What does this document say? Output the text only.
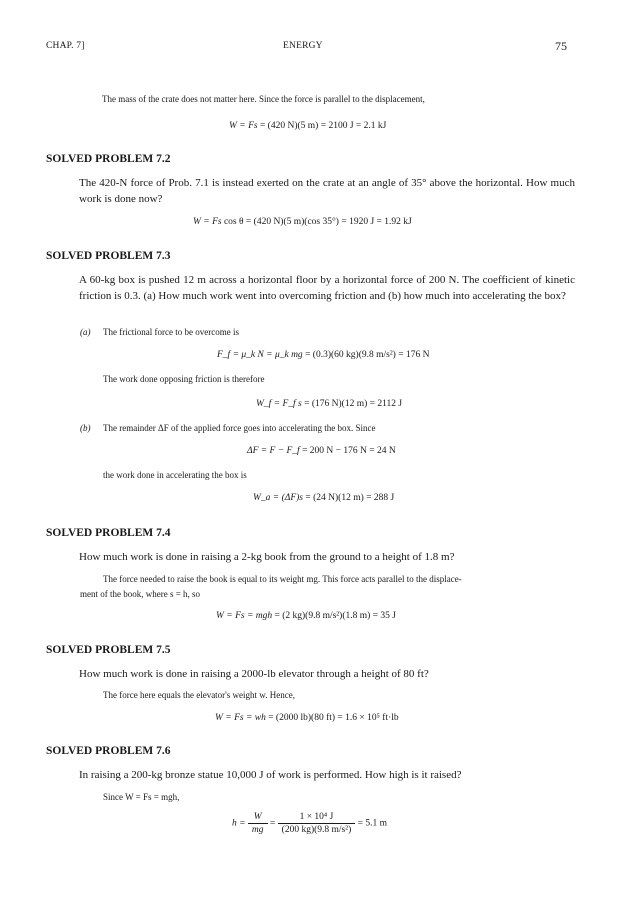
CHAP. 7]	ENERGY	75
The mass of the crate does not matter here. Since the force is parallel to the displacement,
W = Fs = (420 N)(5 m) = 2100 J = 2.1 kJ
SOLVED PROBLEM 7.2
The 420-N force of Prob. 7.1 is instead exerted on the crate at an angle of 35° above the horizontal. How much work is done now?
W = Fs cos θ = (420 N)(5 m)(cos 35°) = 1920 J = 1.92 kJ
SOLVED PROBLEM 7.3
A 60-kg box is pushed 12 m across a horizontal floor by a horizontal force of 200 N. The coefficient of kinetic friction is 0.3. (a) How much work went into overcoming friction and (b) how much into accelerating the box?
(a) The frictional force to be overcome is
F_f = μ_k N = μ_k mg = (0.3)(60 kg)(9.8 m/s²) = 176 N
The work done opposing friction is therefore
W_f = F_f s = (176 N)(12 m) = 2112 J
(b) The remainder ΔF of the applied force goes into accelerating the box. Since
ΔF = F − F_f = 200 N − 176 N = 24 N
the work done in accelerating the box is
W_a = (ΔF)s = (24 N)(12 m) = 288 J
SOLVED PROBLEM 7.4
How much work is done in raising a 2-kg book from the ground to a height of 1.8 m?
The force needed to raise the book is equal to its weight mg. This force acts parallel to the displace-
ment of the book, where s = h, so
W = Fs = mgh = (2 kg)(9.8 m/s²)(1.8 m) = 35 J
SOLVED PROBLEM 7.5
How much work is done in raising a 2000-lb elevator through a height of 80 ft?
The force here equals the elevator's weight w. Hence,
W = Fs = wh = (2000 lb)(80 ft) = 1.6 × 10⁵ ft·lb
SOLVED PROBLEM 7.6
In raising a 200-kg bronze statue 10,000 J of work is performed. How high is it raised?
Since W = Fs = mgh,
$h = \frac{W}{mg} = \frac{\text{1 × 10⁴ J}}{\text{(200 kg)(9.8 m/s²)}} = 5.1$ m
